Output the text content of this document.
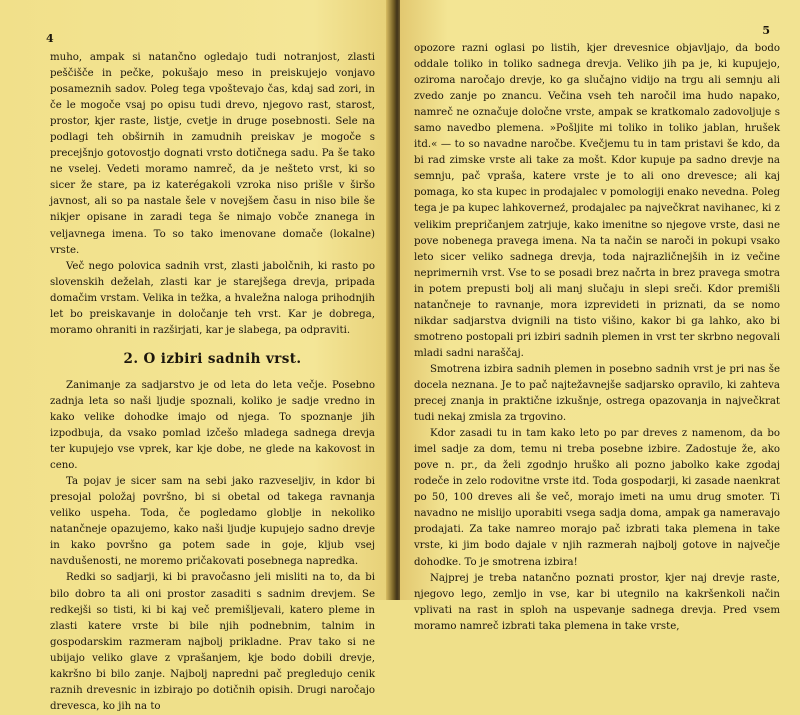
4

muho, ampak si natančno ogledajo tudi notranjost, zlasti peščišče in pečke, pokušajo meso in preiskujejo vonjavo posameznih sadov. Poleg tega vpoštevajo čas, kdaj sad zori, in če le mogoče vsaj po opisu tudi drevo, njegovo rast, starost, prostor, kjer raste, listje, cvetje in druge posebnosti. Sele na podlagi teh obširnih in zamudnih preiskav je mogoče s precejšnjo gotovostjo dognati vrsto dotičnega sadu. Pa še tako ne vselej. Vedeti moramo namreč, da je nešteto vrst, ki so sicer že stare, pa iz katerégakoli vzroka niso prišle v širšo javnost, ali so pa nastale šele v novejšem času in niso bile še nikjer opisane in zaradi tega še nimajo vobče znanega in veljavnega imena. To so tako imenovane domače (lokalne) vrste.

Več nego polovica sadnih vrst, zlasti jabolčnih, ki rasto po slovenskih deželah, zlasti kar je starejšega drevja, pripada domačim vrstam. Velika in težka, a hvaležna naloga prihodnjih let bo preiskavanje in določanje teh vrst. Kar je dobrega, moramo ohraniti in razširjati, kar je slabega, pa odpraviti.

2. O izbiri sadnih vrst.

Zanimanje za sadjarstvo je od leta do leta večje. Posebno zadnja leta so naši ljudje spoznali, koliko je sadje vredno in kako velike dohodke imajo od njega. To spoznanje jih izpodbuja, da vsako pomlad izčešo mladega sadnega drevja ter kupujejo vse vprek, kar kje dobe, ne glede na kakovost in ceno.

Ta pojav je sicer sam na sebi jako razveseljiv, in kdor bi presojal položaj površno, bi si obetal od takega ravnanja veliko uspeha. Toda, če pogledamo globlje in nekoliko natančneje opazujemo, kako naši ljudje kupujejo sadno drevje in kako površno ga potem sade in goje, kljub vsej navdušenosti, ne moremo pričakovati posebnega napredka.

Redki so sadjarji, ki bi pravočasno jeli misliti na to, da bi bilo dobro ta ali oni prostor zasaditi s sadnim drevjem. Se redkejši so tisti, ki bi kaj več premišljevali, katero pleme in zlasti katere vrste bi bile njih podnebnim, talnim in gospodarskim razmeram najbolj prikladne. Prav tako si ne ubijajo veliko glave z vprašanjem, kje bodo dobili drevje, kakršno bi bilo zanje. Najbolj napredni pač pregledujo cenik raznih drevesnic in izbirajo po dotičnih opisih. Drugi naročajo drevesca, ko jih na to

5

opozore razni oglasi po listih, kjer drevesnice objavljajo, da bodo oddale toliko in toliko sadnega drevja. Veliko jih pa je, ki kupujejo, oziroma naročajo drevje, ko ga slučajno vidijo na trgu ali semnju ali zvedo zanje po znancu. Večina vseh teh naročil ima hudo napako, namreč ne označuje določne vrste, ampak se kratkomalo zadovoljuje s samo navedbo plemena. »Pošljite mi toliko in toliko jablan, hrušek itd.« — to so navadne naročbe. Kvečjemu tu in tam pristavi še kdo, da bi rad zimske vrste ali take za mošt. Kdor kupuje pa sadno drevje na semnju, pač vpraša, katere vrste je to ali ono drevesce; ali kaj pomaga, ko sta kupec in prodajalec v pomologiji enako nevedna. Poleg tega je pa kupec lahkoverneź, prodajalec pa največkrat navihanec, ki z velikim prepričanjem zatrjuje, kako imenitne so njegove vrste, dasi ne pove nobenega pravega imena. Na ta način se naroči in pokupi vsako leto sicer veliko sadnega drevja, toda najrazličnejših in iz večine neprimernih vrst. Vse to se posadi brez načrta in brez pravega smotra in potem prepusti bolj ali manj slučaju in slepi sreči. Kdor premišli natančneje to ravnanje, mora izprevideti in priznati, da se nomo nikdar sadjarstva dvignili na tisto višino, kakor bi ga lahko, ako bi smotreno postopali pri izbiri sadnih plemen in vrst ter skrbno negovali mladi sadni naraščaj.

Smotrena izbira sadnih plemen in posebno sadnih vrst je pri nas še docela neznana. Je to pač najtežavnejše sadjarsko opravilo, ki zahteva precej znanja in praktične izkušnje, ostrega opazovanja in največkrat tudi nekaj zmisla za trgovino.

Kdor zasadi tu in tam kako leto po par dreves z namenom, da bo imel sadje za dom, temu ni treba posebne izbire. Zadostuje že, ako pove n. pr., da želi zgodnjo hruško ali pozno jabolko kake zgodaj rodeče in zelo rodovitne vrste itd. Toda gospodarji, ki zasade naenkrat po 50, 100 dreves ali še več, morajo imeti na umu drug smoter. Ti navadno ne mislijo uporabiti vsega sadja doma, ampak ga nameravajo prodajati. Za take namreo morajo pač izbrati taka plemena in take vrste, ki jim bodo dajale v njih razmerah najbolj gotove in največje dohodke. To je smotrena izbira!

Najprej je treba natančno poznati prostor, kjer naj drevje raste, njegovo lego, zemljo in vse, kar bi utegnilo na kakršenkoli način vplivati na rast in sploh na uspevanje sadnega drevja. Pred vsem moramo namreč izbrati taka plemena in take vrste,
